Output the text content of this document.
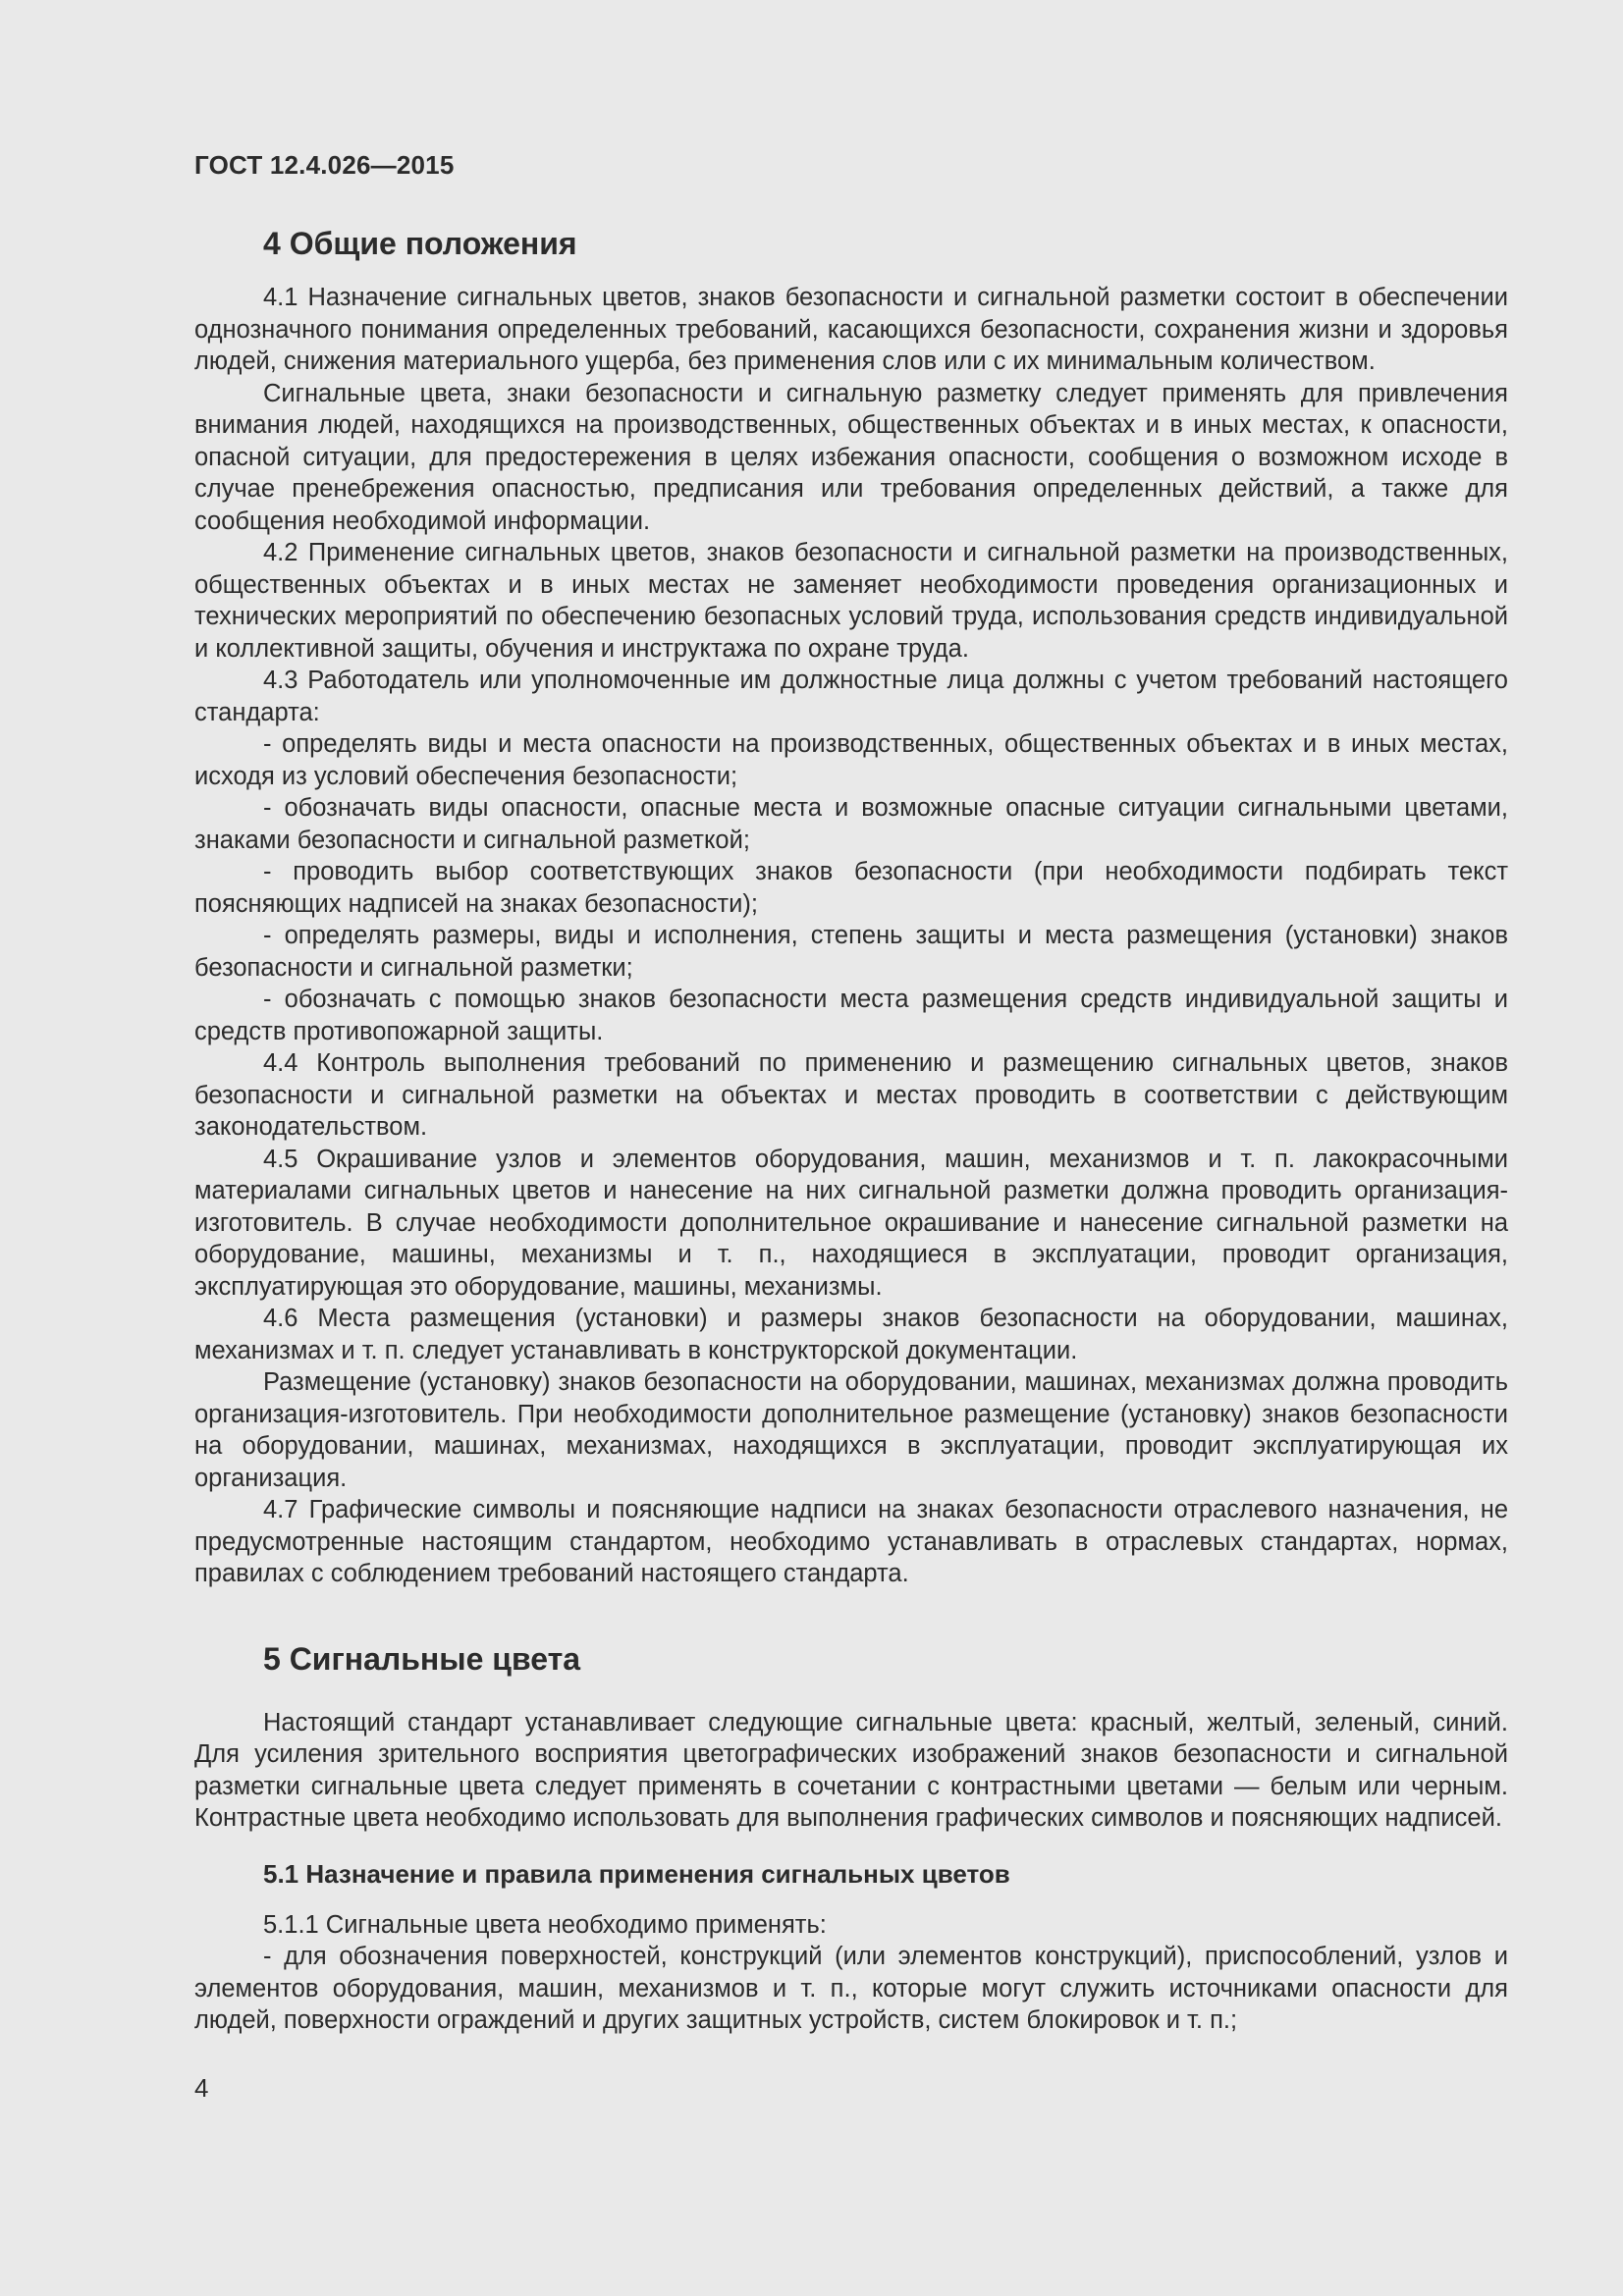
ГОСТ 12.4.026—2015
4 Общие положения

4.1 Назначение сигнальных цветов, знаков безопасности и сигнальной разметки состоит в обеспечении однозначного понимания определенных требований, касающихся безопасности, сохранения жизни и здоровья людей, снижения материального ущерба, без применения слов или с их минимальным количеством.

Сигнальные цвета, знаки безопасности и сигнальную разметку следует применять для привлечения внимания людей, находящихся на производственных, общественных объектах и в иных местах, к опасности, опасной ситуации, для предостережения в целях избежания опасности, сообщения о возможном исходе в случае пренебрежения опасностью, предписания или требования определенных действий, а также для сообщения необходимой информации.

4.2 Применение сигнальных цветов, знаков безопасности и сигнальной разметки на производственных, общественных объектах и в иных местах не заменяет необходимости проведения организационных и технических мероприятий по обеспечению безопасных условий труда, использования средств индивидуальной и коллективной защиты, обучения и инструктажа по охране труда.

4.3 Работодатель или уполномоченные им должностные лица должны с учетом требований настоящего стандарта:

- определять виды и места опасности на производственных, общественных объектах и в иных местах, исходя из условий обеспечения безопасности;

- обозначать виды опасности, опасные места и возможные опасные ситуации сигнальными цветами, знаками безопасности и сигнальной разметкой;

- проводить выбор соответствующих знаков безопасности (при необходимости подбирать текст поясняющих надписей на знаках безопасности);

- определять размеры, виды и исполнения, степень защиты и места размещения (установки) знаков безопасности и сигнальной разметки;

- обозначать с помощью знаков безопасности места размещения средств индивидуальной защиты и средств противопожарной защиты.

4.4 Контроль выполнения требований по применению и размещению сигнальных цветов, знаков безопасности и сигнальной разметки на объектах и местах проводить в соответствии с действующим законодательством.

4.5 Окрашивание узлов и элементов оборудования, машин, механизмов и т. п. лакокрасочными материалами сигнальных цветов и нанесение на них сигнальной разметки должна проводить организация-изготовитель. В случае необходимости дополнительное окрашивание и нанесение сигнальной разметки на оборудование, машины, механизмы и т. п., находящиеся в эксплуатации, проводит организация, эксплуатирующая это оборудование, машины, механизмы.

4.6 Места размещения (установки) и размеры знаков безопасности на оборудовании, машинах, механизмах и т. п. следует устанавливать в конструкторской документации.

Размещение (установку) знаков безопасности на оборудовании, машинах, механизмах должна проводить организация-изготовитель. При необходимости дополнительное размещение (установку) знаков безопасности на оборудовании, машинах, механизмах, находящихся в эксплуатации, проводит эксплуатирующая их организация.

4.7 Графические символы и поясняющие надписи на знаках безопасности отраслевого назначения, не предусмотренные настоящим стандартом, необходимо устанавливать в отраслевых стандартах, нормах, правилах с соблюдением требований настоящего стандарта.

5 Сигнальные цвета

Настоящий стандарт устанавливает следующие сигнальные цвета: красный, желтый, зеленый, синий. Для усиления зрительного восприятия цветографических изображений знаков безопасности и сигнальной разметки сигнальные цвета следует применять в сочетании с контрастными цветами — белым или черным. Контрастные цвета необходимо использовать для выполнения графических символов и поясняющих надписей.

5.1 Назначение и правила применения сигнальных цветов

5.1.1 Сигнальные цвета необходимо применять:

- для обозначения поверхностей, конструкций (или элементов конструкций), приспособлений, узлов и элементов оборудования, машин, механизмов и т. п., которые могут служить источниками опасности для людей, поверхности ограждений и других защитных устройств, систем блокировок и т. п.;

4
